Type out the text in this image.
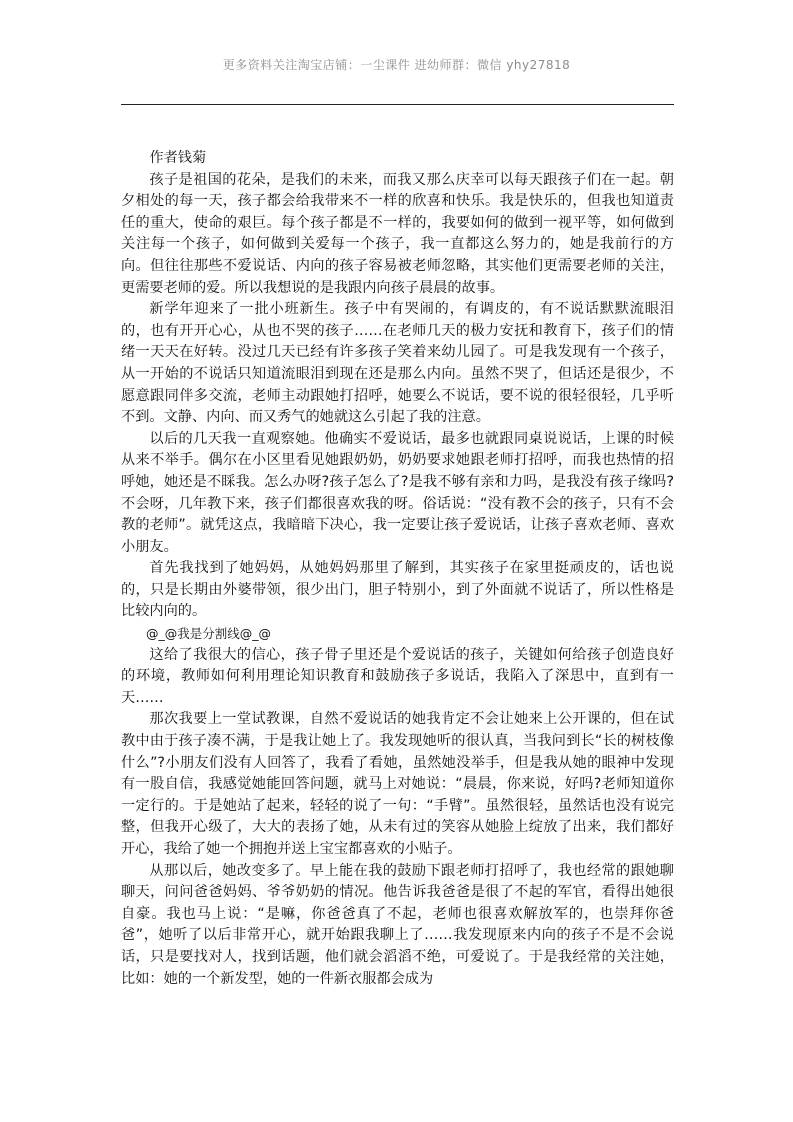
更多资料关注淘宝店铺：一尘课件 进幼师群：微信 yhy27818

作者钱菊

孩子是祖国的花朵，是我们的未来，而我又那么庆幸可以每天跟孩子们在一起。朝夕相处的每一天，孩子都会给我带来不一样的欣喜和快乐。我是快乐的，但我也知道责任的重大，使命的艰巨。每个孩子都是不一样的，我要如何的做到一视平等，如何做到关注每一个孩子，如何做到关爱每一个孩子，我一直都这么努力的，她是我前行的方向。但往往那些不爱说话、内向的孩子容易被老师忽略，其实他们更需要老师的关注，更需要老师的爱。所以我想说的是我跟内向孩子晨晨的故事。

新学年迎来了一批小班新生。孩子中有哭闹的，有调皮的，有不说话默默流眼泪的，也有开开心心，从也不哭的孩子……在老师几天的极力安抚和教育下，孩子们的情绪一天天在好转。没过几天已经有许多孩子笑着来幼儿园了。可是我发现有一个孩子，从一开始的不说话只知道流眼泪到现在还是那么内向。虽然不哭了，但话还是很少，不愿意跟同伴多交流，老师主动跟她打招呼，她要么不说话，要不说的很轻很轻，几乎听不到。文静、内向、而又秀气的她就这么引起了我的注意。

以后的几天我一直观察她。他确实不爱说话，最多也就跟同桌说说话，上课的时候从来不举手。偶尔在小区里看见她跟奶奶，奶奶要求她跟老师打招呼，而我也热情的招呼她，她还是不睬我。怎么办呀?孩子怎么了?是我不够有亲和力吗，是我没有孩子缘吗?不会呀，几年教下来，孩子们都很喜欢我的呀。俗话说：“没有教不会的孩子，只有不会教的老师”。就凭这点，我暗暗下决心，我一定要让孩子爱说话，让孩子喜欢老师、喜欢小朋友。

首先我找到了她妈妈，从她妈妈那里了解到，其实孩子在家里挺顽皮的，话也说的，只是长期由外婆带领，很少出门，胆子特别小，到了外面就不说话了，所以性格是比较内向的。

@_@我是分割线@_@

这给了我很大的信心，孩子骨子里还是个爱说话的孩子，关键如何给孩子创造良好的环境，教师如何利用理论知识教育和鼓励孩子多说话，我陷入了深思中，直到有一天……

那次我要上一堂试教课，自然不爱说话的她我肯定不会让她来上公开课的，但在试教中由于孩子凑不满，于是我让她上了。我发现她听的很认真，当我问到长“长的树枝像什么”?小朋友们没有人回答了，我看了看她，虽然她没举手，但是我从她的眼神中发现有一股自信，我感觉她能回答问题，就马上对她说：“晨晨，你来说，好吗?老师知道你一定行的。于是她站了起来，轻轻的说了一句：“手臂”。虽然很轻，虽然话也没有说完整，但我开心级了，大大的表扬了她，从未有过的笑容从她脸上绽放了出来，我们都好开心，我给了她一个拥抱并送上宝宝都喜欢的小贴子。

从那以后，她改变多了。早上能在我的鼓励下跟老师打招呼了，我也经常的跟她聊聊天，问问爸爸妈妈、爷爷奶奶的情况。他告诉我爸爸是很了不起的军官，看得出她很自豪。我也马上说：“是嘛，你爸爸真了不起，老师也很喜欢解放军的，也崇拜你爸爸”，她听了以后非常开心，就开始跟我聊上了……我发现原来内向的孩子不是不会说话，只是要找对人，找到话题，他们就会滔滔不绝，可爱说了。于是我经常的关注她，比如：她的一个新发型，她的一件新衣服都会成为
